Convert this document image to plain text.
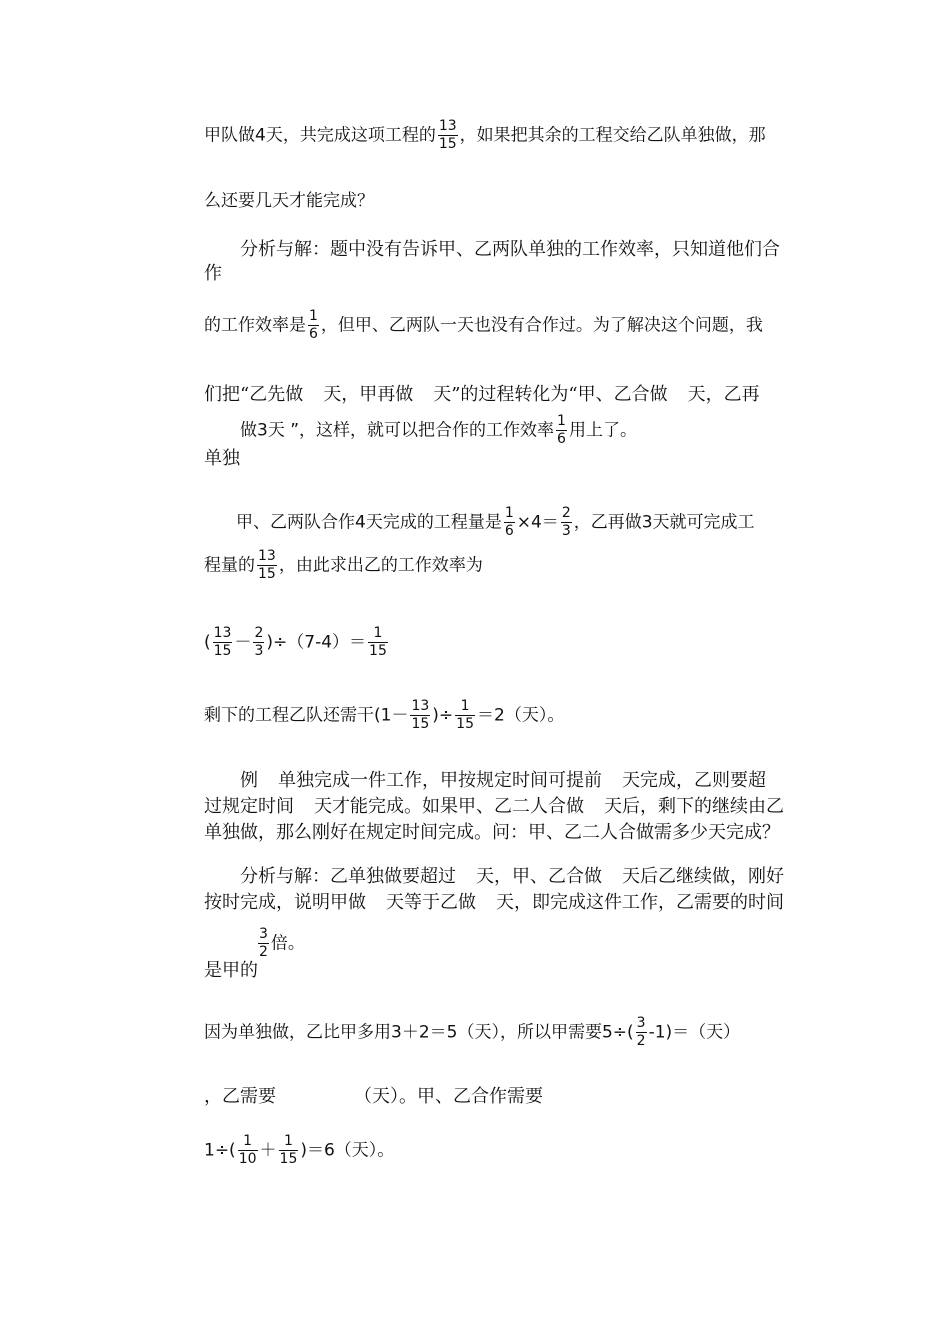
甲队做4天，共完成这项工程的 $\frac{13}{15}$ ，如果把其余的工程交给乙队单独做，那
么还要几天才能完成？
分析与解：题中没有告诉甲、乙两队单独的工作效率，只知道他们合
作
的工作效率是 $\frac{1}{6}$ ，但甲、乙两队一天也没有合作过。为了解决这个问题，我
们把“乙先做 天，甲再做 天”的过程转化为“甲、乙合做 天，乙再
做3天 ”，这样，就可以把合作的工作效率 $\frac{1}{6}$ 用上了。
单独
甲、乙两队合作4天完成的工程量是 $\frac{1}{6} \times 4= \frac{2}{3}$ ，乙再做3天就可完成工
程量的 $\frac{13}{15}$ ，由此求出乙的工作效率为
( $\frac{13}{15} - \frac{2}{3} )\div(7-4)= \frac{1}{15}$
剩下的工程乙队还需干($1- \frac{13}{15}$ )÷ $\frac{1}{15} =2$（天）。
例 单独完成一件工作，甲按规定时间可提前 天完成，乙则要超
过规定时间 天才能完成。如果甲、乙二人合做 天后，剩下的继续由乙
单独做，那么刚好在规定时间完成。问：甲、乙二人合做需多少天完成？
分析与解：乙单独做要超过 天，甲、乙合做 天后乙继续做，刚好
按时完成，说明甲做 天等于乙做 天，即完成这件工作，乙需要的时间
$\frac{3}{2}$ 倍。
是甲的
因为单独做，乙比甲多用3＋2＝5（天），所以甲需要$5\div( \frac{3}{2} -1)=$（天）
，乙需要	（天）。甲、乙合作需要
$1\div( \frac{1}{10} + \frac{1}{15} )=6$（天）。
